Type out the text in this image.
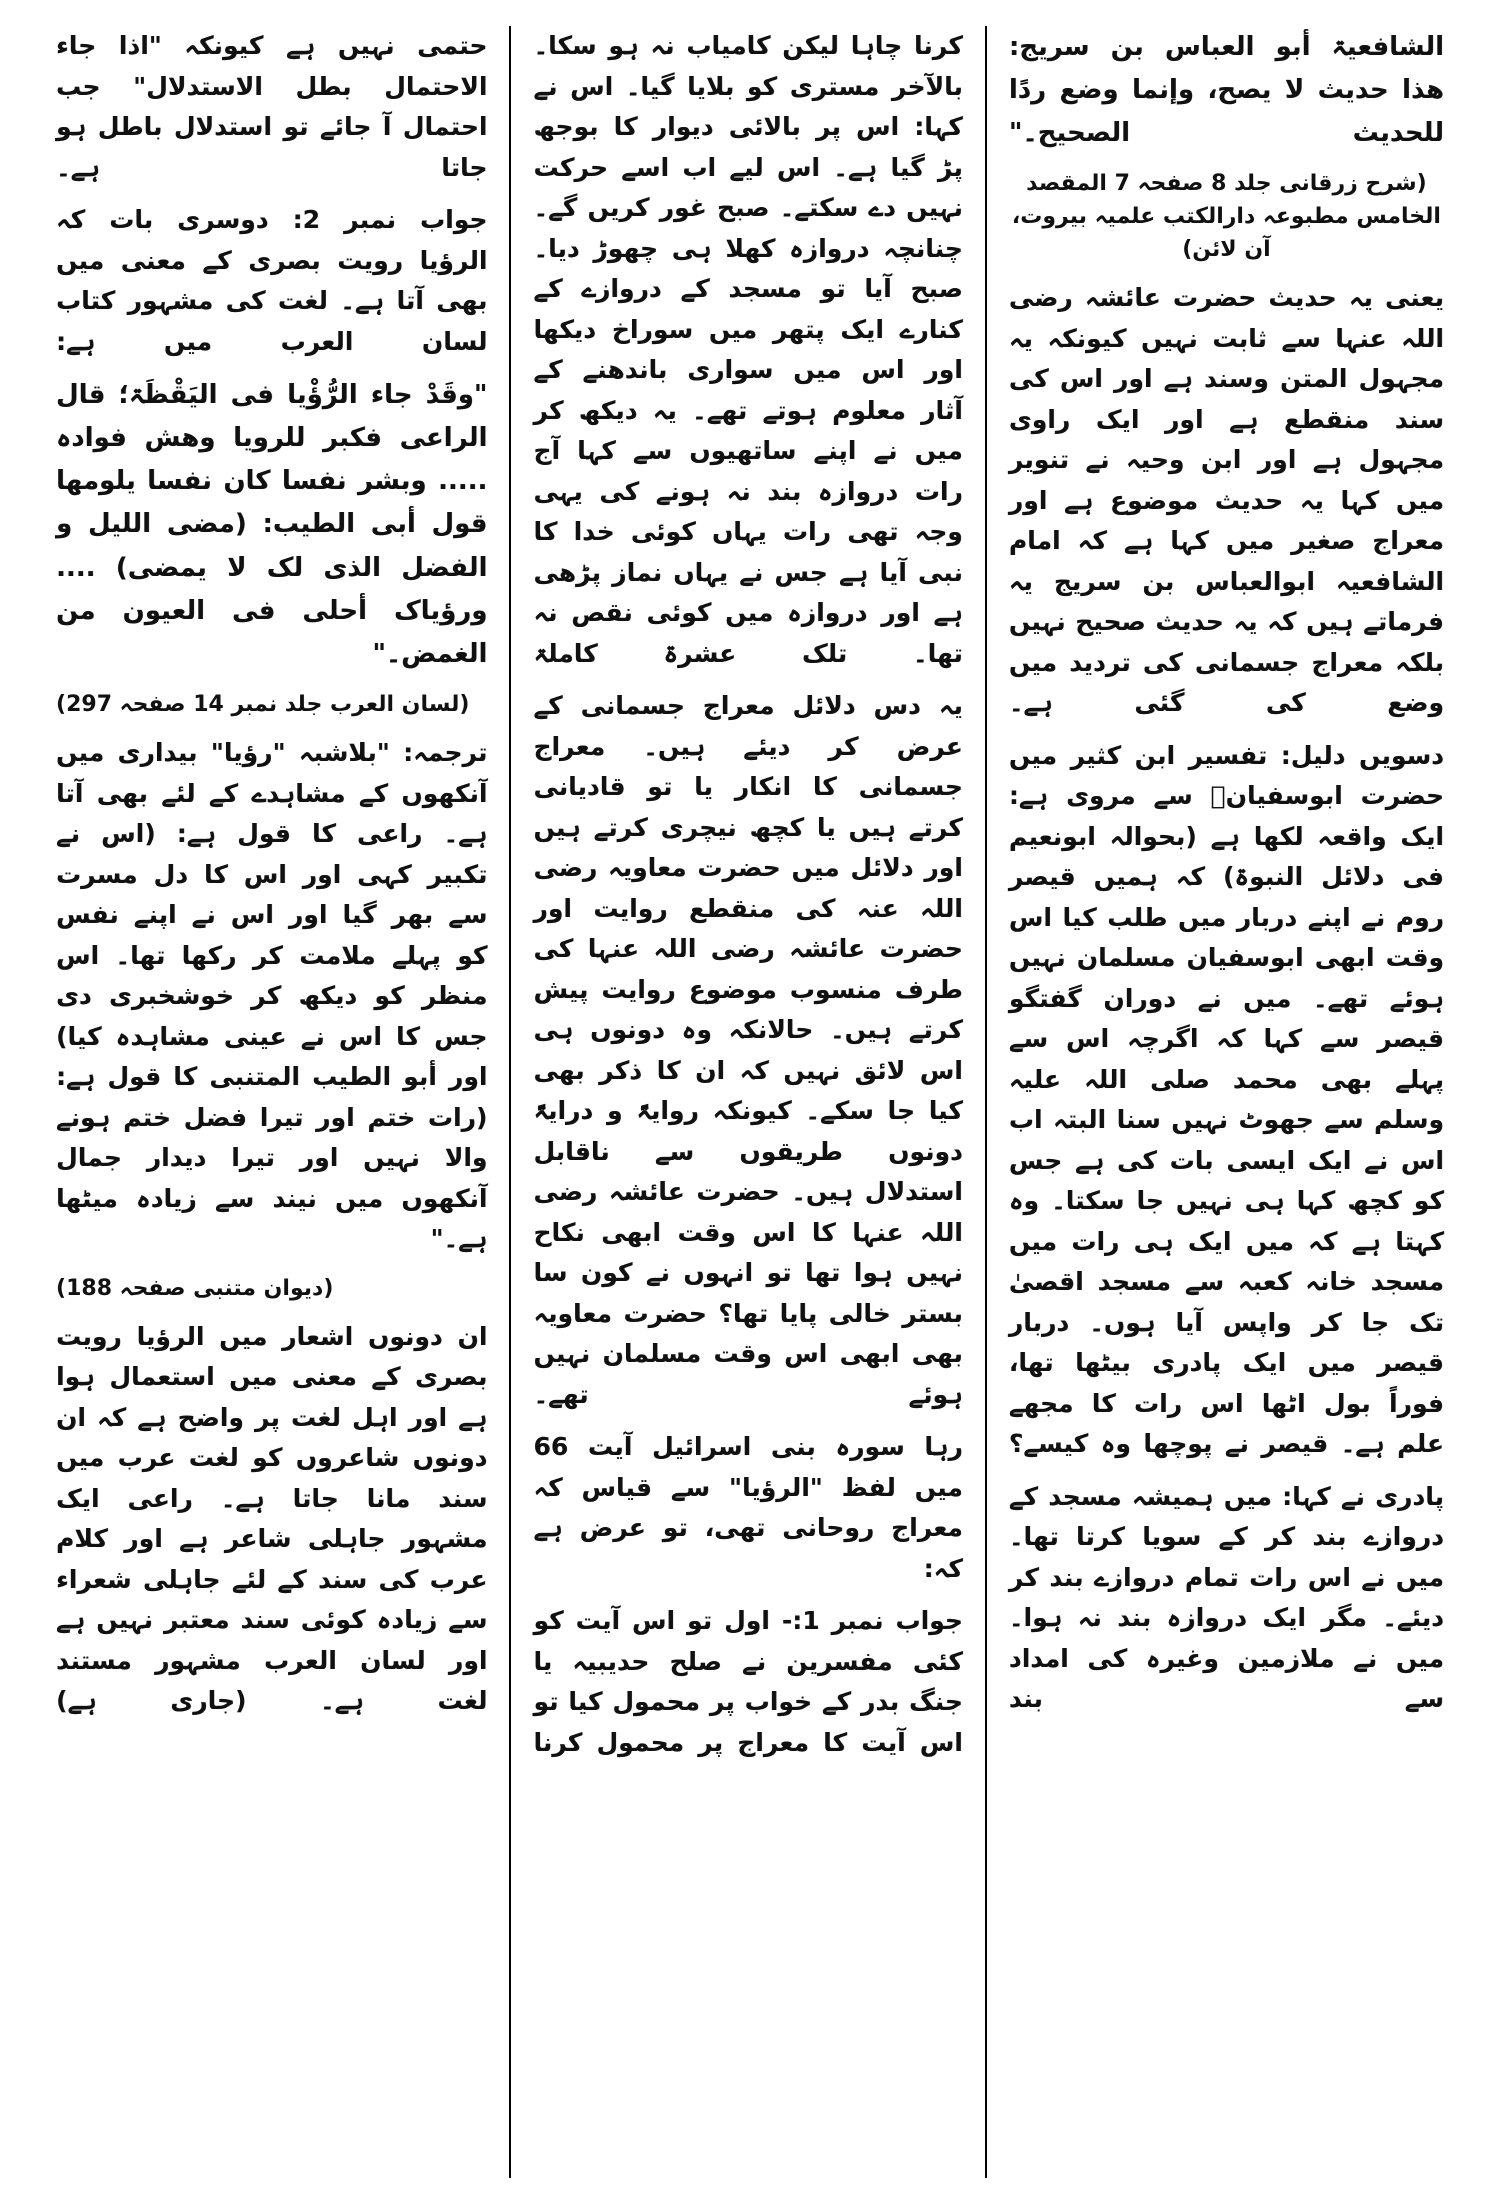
الشافعیۃ أبو العباس بن سریج: ھذا حدیث لا یصح، وإنما وضع ردًا للحدیث الصحیح۔"
(شرح زرقانی جلد 8 صفحہ 7 المقصد الخامس مطبوعہ دارالکتب علمیہ بیروت، آن لائن)
یعنی یہ حدیث حضرت عائشہ رضی اللہ عنہا سے ثابت نہیں کیونکہ یہ مجہول المتن وسند ہے اور اس کی سند منقطع ہے اور ایک راوی مجہول ہے اور ابن وحیہ نے تنویر میں کہا یہ حدیث موضوع ہے اور معراج صغیر میں کہا ہے کہ امام الشافعیہ ابوالعباس بن سریج یہ فرماتے ہیں کہ یہ حدیث صحیح نہیں بلکہ معراج جسمانی کی تردید میں وضع کی گئی ہے۔
دسویں دلیل: تفسیر ابن کثیر میں حضرت ابوسفیانؓ سے مروی ہے: ایک واقعہ لکھا ہے (بحوالہ ابونعیم فی دلائل النبوۃ) کہ ہمیں قیصر روم نے اپنے دربار میں طلب کیا اس وقت ابھی ابوسفیان مسلمان نہیں ہوئے تھے۔ میں نے دوران گفتگو قیصر سے کہا کہ اگرچہ اس سے پہلے بھی محمد صلی اللہ علیہ وسلم سے جھوٹ نہیں سنا البتہ اب اس نے ایک ایسی بات کی ہے جس کو کچھ کہا ہی نہیں جا سکتا۔ وہ کہتا ہے کہ میں ایک ہی رات میں مسجد خانہ کعبہ سے مسجد اقصیٰ تک جا کر واپس آیا ہوں۔ دربار قیصر میں ایک پادری بیٹھا تھا، فوراً بول اٹھا اس رات کا مجھے علم ہے۔ قیصر نے پوچھا وہ کیسے؟
پادری نے کہا: میں ہمیشہ مسجد کے دروازے بند کر کے سویا کرتا تھا۔ میں نے اس رات تمام دروازے بند کر دیئے۔ مگر ایک دروازہ بند نہ ہوا۔ میں نے ملازمین وغیرہ کی امداد سے بند
کرنا چاہا لیکن کامیاب نہ ہو سکا۔ بالآخر مستری کو بلایا گیا۔ اس نے کہا: اس پر بالائی دیوار کا بوجھ پڑ گیا ہے۔ اس لیے اب اسے حرکت نہیں دے سکتے۔ صبح غور کریں گے۔ چنانچہ دروازہ کھلا ہی چھوڑ دیا۔ صبح آیا تو مسجد کے دروازے کے کنارے ایک پتھر میں سوراخ دیکھا اور اس میں سواری باندھنے کے آثار معلوم ہوتے تھے۔ یہ دیکھ کر میں نے اپنے ساتھیوں سے کہا آج رات دروازہ بند نہ ہونے کی یہی وجہ تھی رات یہاں کوئی خدا کا نبی آیا ہے جس نے یہاں نماز پڑھی ہے اور دروازہ میں کوئی نقص نہ تھا۔ تلک عشرۃ کاملۃ
یہ دس دلائل معراج جسمانی کے عرض کر دیئے ہیں۔ معراج جسمانی کا انکار یا تو قادیانی کرتے ہیں یا کچھ نیچری کرتے ہیں اور دلائل میں حضرت معاویہ رضی اللہ عنہ کی منقطع روایت اور حضرت عائشہ رضی اللہ عنہا کی طرف منسوب موضوع روایت پیش کرتے ہیں۔ حالانکہ وہ دونوں ہی اس لائق نہیں کہ ان کا ذکر بھی کیا جا سکے۔ کیونکہ روایۃً و درایۃً دونوں طریقوں سے ناقابل استدلال ہیں۔ حضرت عائشہ رضی اللہ عنہا کا اس وقت ابھی نکاح نہیں ہوا تھا تو انہوں نے کون سا بستر خالی پایا تھا؟ حضرت معاویہ بھی ابھی اس وقت مسلمان نہیں ہوئے تھے۔
رہا سورہ بنی اسرائیل آیت 66 میں لفظ "الرؤیا" سے قیاس کہ معراج روحانی تھی، تو عرض ہے کہ:
جواب نمبر 1:- اول تو اس آیت کو کئی مفسرین نے صلح حدیبیہ یا جنگ بدر کے خواب پر محمول کیا تو اس آیت کا معراج پر محمول کرنا
حتمی نہیں ہے کیونکہ "اذا جاء الاحتمال بطل الاستدلال" جب احتمال آ جائے تو استدلال باطل ہو جاتا ہے۔
جواب نمبر 2: دوسری بات کہ الرؤیا رویت بصری کے معنی میں بھی آتا ہے۔ لغت کی مشہور کتاب لسان العرب میں ہے:
"وقَدْ جاء الرُّؤْیا فی الیَقْظَۃ؛ قال الراعی فکبر للرویا وھش فوادہ ..... وبشر نفسا کان نفسا یلومھا قول أبی الطیب: (مضی اللیل و الفضل الذی لک لا یمضی) .... ورؤیاک أحلی فی العیون من الغمض۔"
(لسان العرب جلد نمبر 14 صفحہ 297)
ترجمہ: "بلاشبہ "رؤیا" بیداری میں آنکھوں کے مشاہدے کے لئے بھی آتا ہے۔ راعی کا قول ہے: (اس نے تکبیر کہی اور اس کا دل مسرت سے بھر گیا اور اس نے اپنے نفس کو پہلے ملامت کر رکھا تھا۔ اس منظر کو دیکھ کر خوشخبری دی جس کا اس نے عینی مشاہدہ کیا) اور أبو الطیب المتنبی کا قول ہے: (رات ختم اور تیرا فضل ختم ہونے والا نہیں اور تیرا دیدار جمال آنکھوں میں نیند سے زیادہ میٹھا ہے۔"
(دیوان متنبی صفحہ 188)
ان دونوں اشعار میں الرؤیا رویت بصری کے معنی میں استعمال ہوا ہے اور اہل لغت پر واضح ہے کہ ان دونوں شاعروں کو لغت عرب میں سند مانا جاتا ہے۔ راعی ایک مشہور جاہلی شاعر ہے اور کلام عرب کی سند کے لئے جاہلی شعراء سے زیادہ کوئی سند معتبر نہیں ہے اور لسان العرب مشہور مستند لغت ہے۔ (جاری ہے)
